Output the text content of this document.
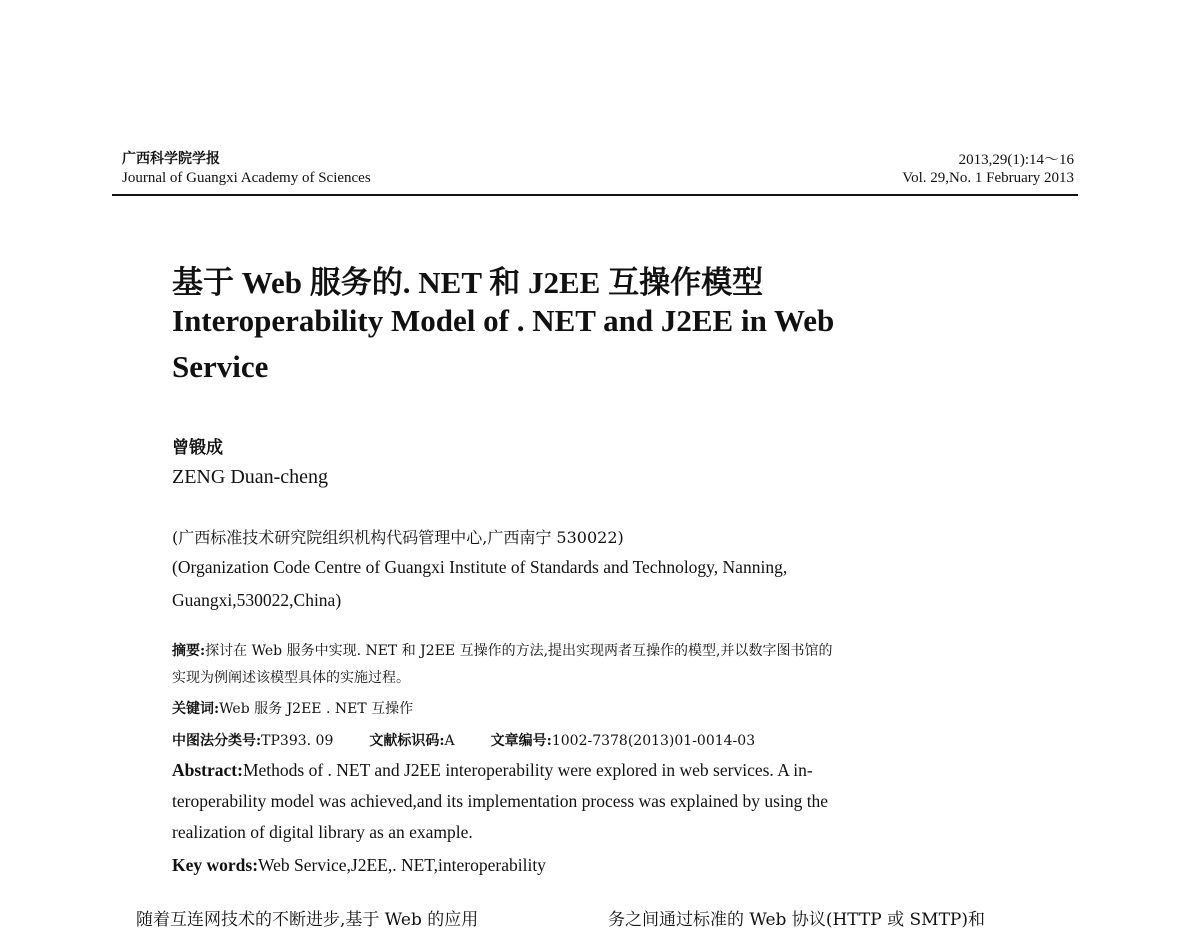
广西科学院学报
Journal of Guangxi Academy of Sciences
2013,29(1):14～16
Vol. 29,No. 1 February 2013
基于 Web 服务的. NET 和 J2EE 互操作模型
Interoperability Model of . NET and J2EE in Web
Service
曾锻成
ZENG Duan-cheng
(广西标准技术研究院组织机构代码管理中心,广西南宁 530022)
(Organization Code Centre of Guangxi Institute of Standards and Technology, Nanning,
Guangxi,530022,China)
摘要:探讨在 Web 服务中实现. NET 和 J2EE 互操作的方法,提出实现两者互操作的模型,并以数字图书馆的
实现为例阐述该模型具体的实施过程。
关键词:Web 服务 J2EE . NET 互操作
中图法分类号:TP393. 09	文献标识码:A	文章编号:1002-7378(2013)01-0014-03
Abstract:Methods of . NET and J2EE interoperability were explored in web services. A in-
teroperability model was achieved,and its implementation process was explained by using the
realization of digital library as an example.
Key words:Web Service,J2EE,. NET,interoperability
随着互连网技术的不断进步,基于 Web 的应用	务之间通过标准的 Web 协议(HTTP 或 SMTP)和
